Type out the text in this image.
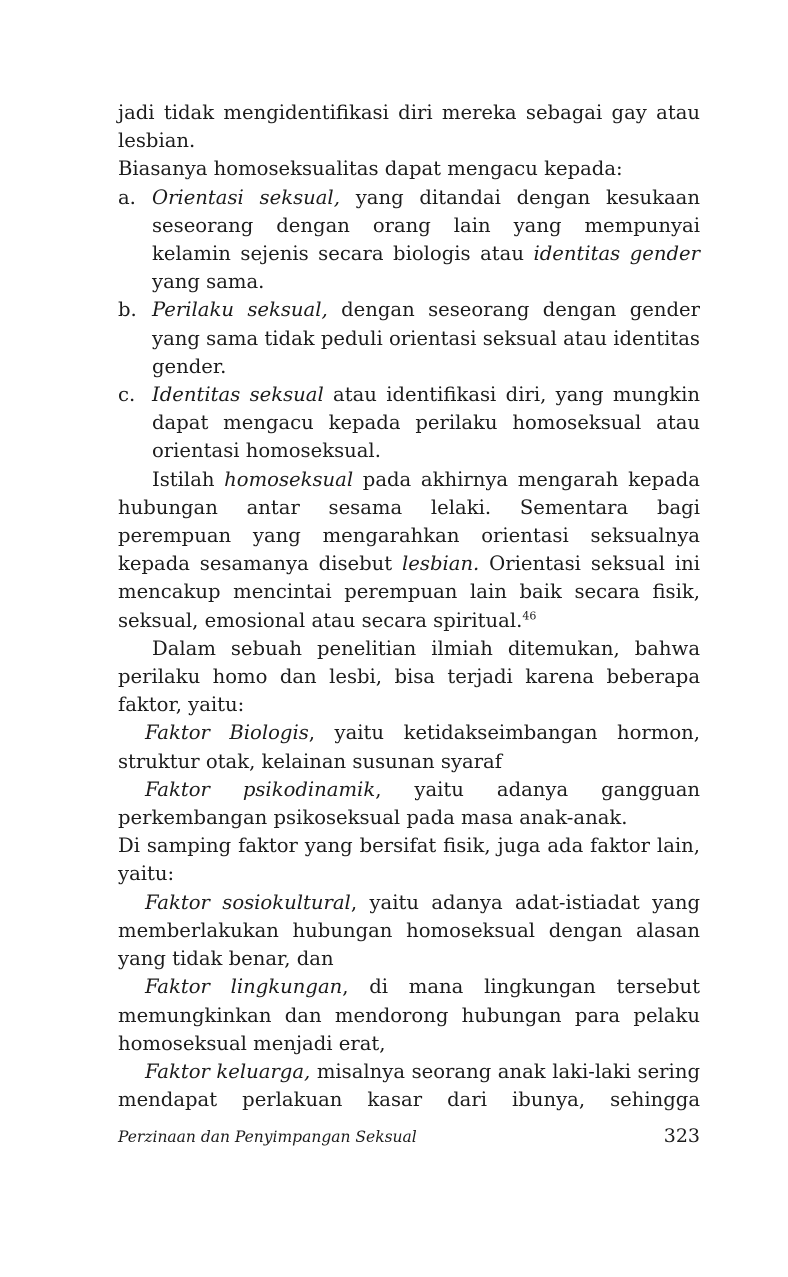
jadi tidak mengidentifikasi diri mereka sebagai gay atau lesbian.

Biasanya homoseksualitas dapat mengacu kepada:

a. Orientasi seksual, yang ditandai dengan kesukaan seseorang dengan orang lain yang mempunyai kelamin sejenis secara biologis atau identitas gender yang sama.

b. Perilaku seksual, dengan seseorang dengan gender yang sama tidak peduli orientasi seksual atau identitas gender.

c. Identitas seksual atau identifikasi diri, yang mungkin dapat mengacu kepada perilaku homoseksual atau orientasi homoseksual.

Istilah homoseksual pada akhirnya mengarah kepada hubungan antar sesama lelaki. Sementara bagi perempuan yang mengarahkan orientasi seksualnya kepada sesamanya disebut lesbian. Orientasi seksual ini mencakup mencintai perempuan lain baik secara fisik, seksual, emosional atau secara spiritual.$^{46}$

Dalam sebuah penelitian ilmiah ditemukan, bahwa perilaku homo dan lesbi, bisa terjadi karena beberapa faktor, yaitu:

Faktor Biologis, yaitu ketidakseimbangan hormon, struktur otak, kelainan susunan syaraf

Faktor psikodinamik, yaitu adanya gangguan perkembangan psikoseksual pada masa anak-anak.

Di samping faktor yang bersifat fisik, juga ada faktor lain, yaitu:

Faktor sosiokultural, yaitu adanya adat-istiadat yang memberlakukan hubungan homoseksual dengan alasan yang tidak benar, dan

Faktor lingkungan, di mana lingkungan tersebut memungkinkan dan mendorong hubungan para pelaku homoseksual menjadi erat,

Faktor keluarga, misalnya seorang anak laki-laki sering mendapat perlakuan kasar dari ibunya, sehingga

Perzinaan dan Penyimpangan Seksual	323
